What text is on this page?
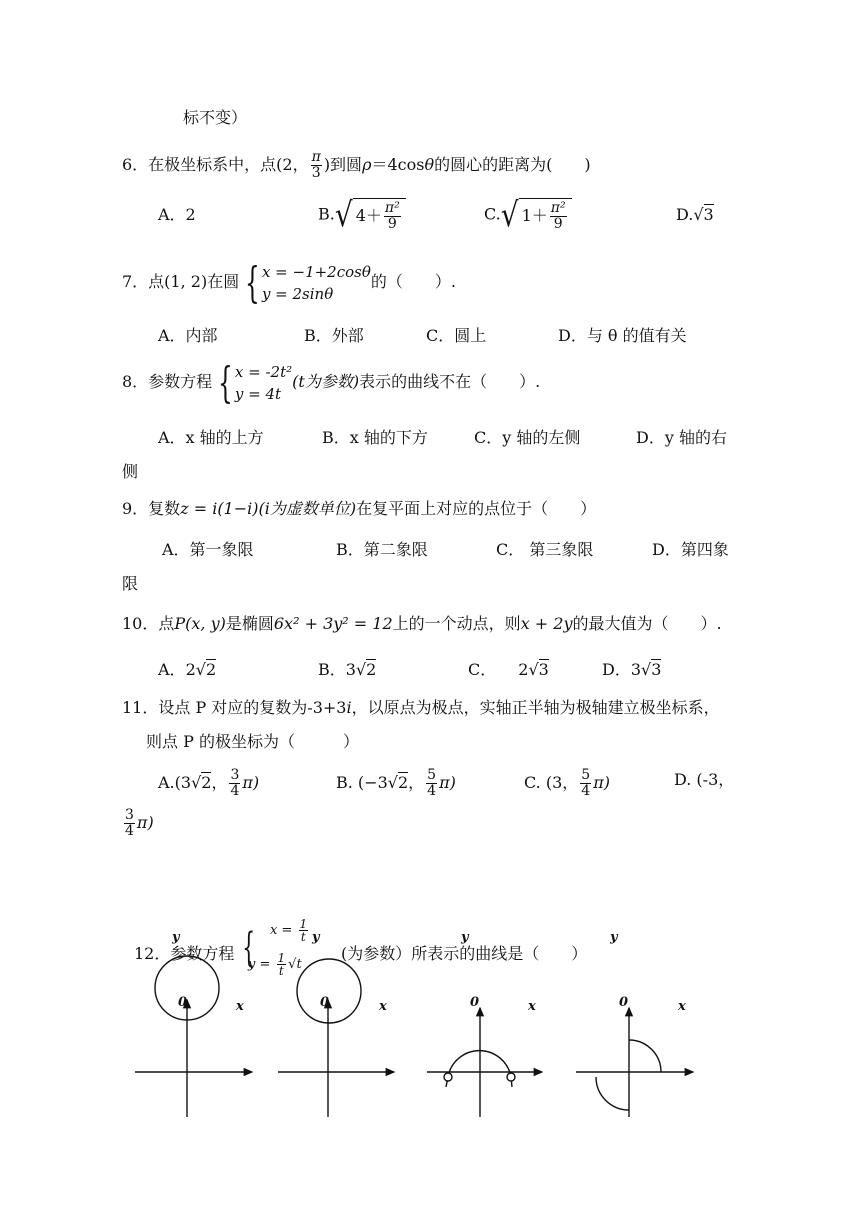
标不变）
6．在极坐标系中，点(2， $\frac{\pi}{3}$ )到圆ρ＝4cosθ的圆心的距离为(　　)
A．2	B.√ $4+ \frac{\text{π²}}{9}$	C.√ $1+ \frac{\text{π²}}{9}$	D.√3
7．点(1, 2)在圆 { x = −1+2cosθ
y = 2sinθ
的（　　）.
A．内部	B．外部	C．圆上	D．与 θ 的值有关
8．参数方程 { x = -2t²
y = 4t
(t为参数)表示的曲线不在（　　）.
A．x 轴的上方	B．x 轴的下方	C．y 轴的左侧	D．y 轴的右
侧
9．复数z = i(1−i)(i为虚数单位)在复平面上对应的点位于（　　）
A．第一象限	B．第二象限	C． 第三象限	D．第四象
限
10．点P(x, y)是椭圆6x² + 3y² = 12上的一个动点，则x + 2y的最大值为（　　）.
A．2√2	B．3√2	C． 2√3	D．3√3
11．设点 P 对应的复数为-3+3i，以原点为极点，实轴正半轴为极轴建立极坐标系，
则点 P 的极坐标为（　　　）
A.(3√2， $\frac{3}{4} \pi$)	B. (−3√2， $\frac{5}{4} \pi$)	C. (3， $\frac{5}{4} \pi$)	D. (-3，
$\frac{3}{4} \pi$)
12．参数方程 { $x = \frac{1}{t}$
$y = \frac{1}{t} √t$
(为参数）所表示的曲线是（　　）
y
0	x
y
0	x
y
0	x
y
0	x
